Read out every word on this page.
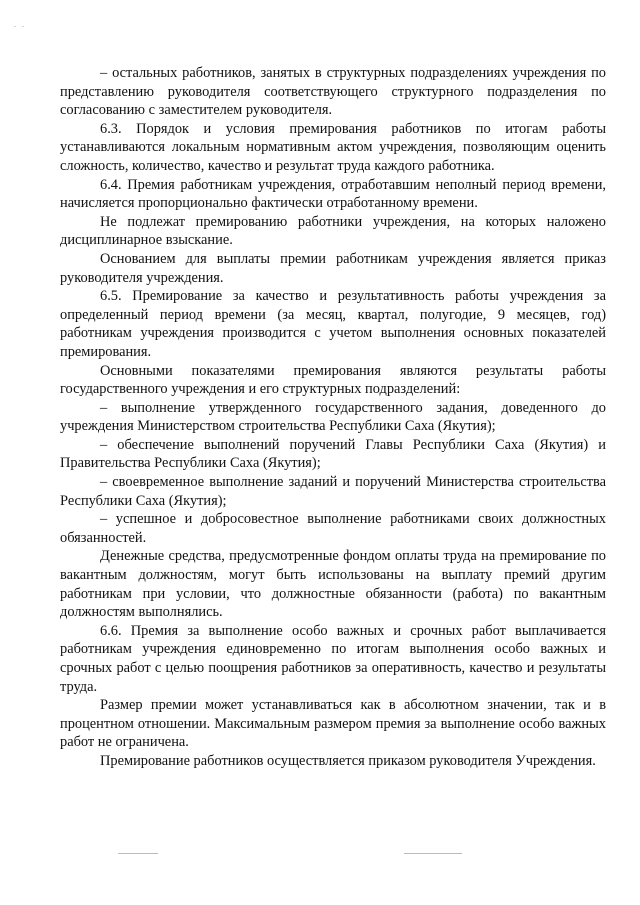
.   .

– остальных работников, занятых в структурных подразделениях учреждения по представлению руководителя соответствующего структурного подразделения по согласованию с заместителем руководителя.

6.3. Порядок и условия премирования работников по итогам работы устанавливаются локальным нормативным актом учреждения, позволяющим оценить сложность, количество, качество и результат труда каждого работника.

6.4. Премия работникам учреждения, отработавшим неполный период времени, начисляется пропорционально фактически отработанному времени.

Не подлежат премированию работники учреждения, на которых наложено дисциплинарное взыскание.

Основанием для выплаты премии работникам учреждения является приказ руководителя учреждения.

6.5. Премирование за качество и результативность работы учреждения за определенный период времени (за месяц, квартал, полугодие, 9 месяцев, год) работникам учреждения производится с учетом выполнения основных показателей премирования.

Основными показателями премирования являются результаты работы государственного учреждения и его структурных подразделений:

– выполнение утвержденного государственного задания, доведенного до учреждения Министерством строительства Республики Саха (Якутия);

– обеспечение выполнений поручений Главы Республики Саха (Якутия) и Правительства Республики Саха (Якутия);

– своевременное выполнение заданий и поручений Министерства строительства Республики Саха (Якутия);

– успешное и добросовестное выполнение работниками своих должностных обязанностей.

Денежные средства, предусмотренные фондом оплаты труда на премирование по вакантным должностям, могут быть использованы на выплату премий другим работникам при условии, что должностные обязанности (работа) по вакантным должностям выполнялись.

6.6. Премия за выполнение особо важных и срочных работ выплачивается работникам учреждения единовременно по итогам выполнения особо важных и срочных работ с целью поощрения работников за оперативность, качество и результаты труда.

Размер премии может устанавливаться как в абсолютном значении, так и в процентном отношении. Максимальным размером премия за выполнение особо важных работ не ограничена.

Премирование работников осуществляется приказом руководителя Учреждения.
